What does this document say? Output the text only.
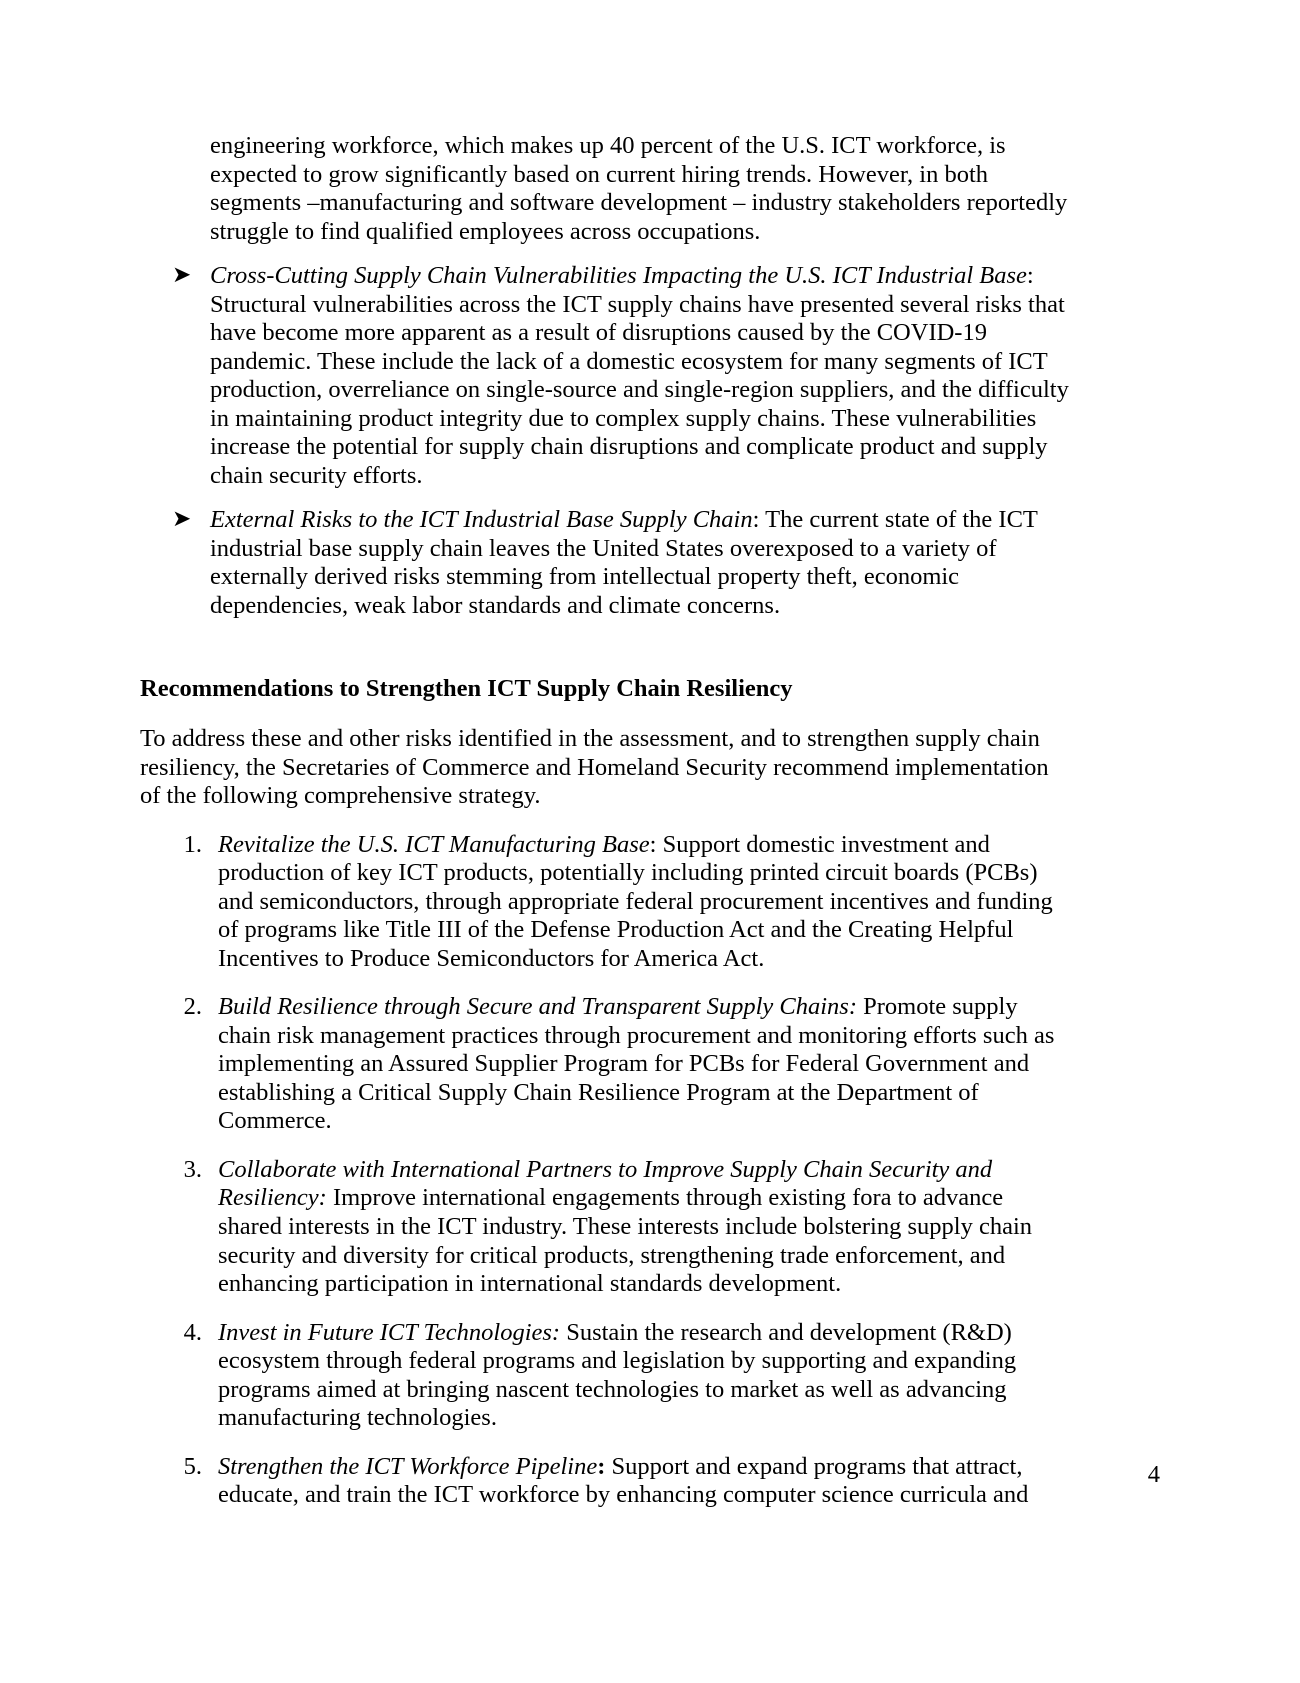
engineering workforce, which makes up 40 percent of the U.S. ICT workforce, is expected to grow significantly based on current hiring trends. However, in both segments –manufacturing and software development – industry stakeholders reportedly struggle to find qualified employees across occupations.

➤ Cross-Cutting Supply Chain Vulnerabilities Impacting the U.S. ICT Industrial Base: Structural vulnerabilities across the ICT supply chains have presented several risks that have become more apparent as a result of disruptions caused by the COVID-19 pandemic. These include the lack of a domestic ecosystem for many segments of ICT production, overreliance on single-source and single-region suppliers, and the difficulty in maintaining product integrity due to complex supply chains. These vulnerabilities increase the potential for supply chain disruptions and complicate product and supply chain security efforts.
➤ External Risks to the ICT Industrial Base Supply Chain: The current state of the ICT industrial base supply chain leaves the United States overexposed to a variety of externally derived risks stemming from intellectual property theft, economic dependencies, weak labor standards and climate concerns.
Recommendations to Strengthen ICT Supply Chain Resiliency

To address these and other risks identified in the assessment, and to strengthen supply chain resiliency, the Secretaries of Commerce and Homeland Security recommend implementation of the following comprehensive strategy.

1. Revitalize the U.S. ICT Manufacturing Base: Support domestic investment and production of key ICT products, potentially including printed circuit boards (PCBs) and semiconductors, through appropriate federal procurement incentives and funding of programs like Title III of the Defense Production Act and the Creating Helpful Incentives to Produce Semiconductors for America Act.
2. Build Resilience through Secure and Transparent Supply Chains: Promote supply chain risk management practices through procurement and monitoring efforts such as implementing an Assured Supplier Program for PCBs for Federal Government and establishing a Critical Supply Chain Resilience Program at the Department of Commerce.
3. Collaborate with International Partners to Improve Supply Chain Security and Resiliency: Improve international engagements through existing fora to advance shared interests in the ICT industry. These interests include bolstering supply chain security and diversity for critical products, strengthening trade enforcement, and enhancing participation in international standards development.
4. Invest in Future ICT Technologies: Sustain the research and development (R&D) ecosystem through federal programs and legislation by supporting and expanding programs aimed at bringing nascent technologies to market as well as advancing manufacturing technologies.
5. Strengthen the ICT Workforce Pipeline: Support and expand programs that attract, educate, and train the ICT workforce by enhancing computer science curricula and
4
